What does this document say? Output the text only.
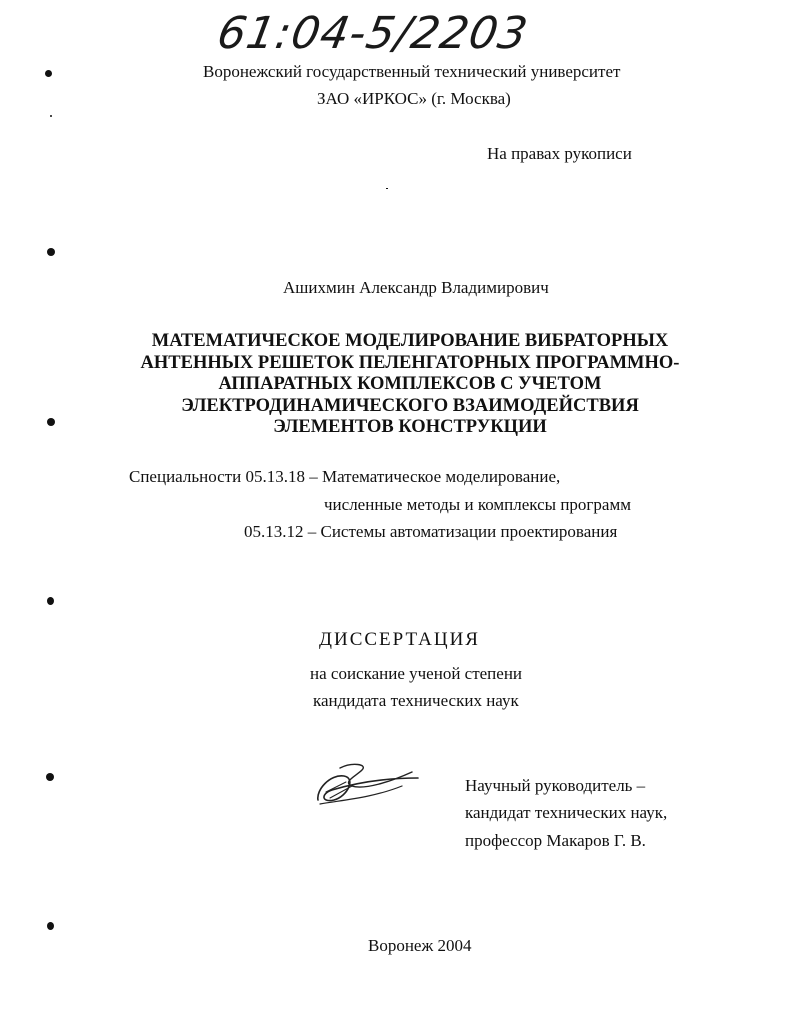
61:04-5/2203
Воронежский государственный технический университет
ЗАО «ИРКОС» (г. Москва)
На правах рукописи
Ашихмин Александр Владимирович
МАТЕМАТИЧЕСКОЕ МОДЕЛИРОВАНИЕ ВИБРАТОРНЫХ
АНТЕННЫХ РЕШЕТОК ПЕЛЕНГАТОРНЫХ ПРОГРАММНО-
АППАРАТНЫХ КОМПЛЕКСОВ С УЧЕТОМ
ЭЛЕКТРОДИНАМИЧЕСКОГО ВЗАИМОДЕЙСТВИЯ
ЭЛЕМЕНТОВ КОНСТРУКЦИИ
Специальности 05.13.18 – Математическое моделирование,
численные методы и комплексы программ
05.13.12 – Системы автоматизации проектирования
ДИССЕРТАЦИЯ
на соискание ученой степени
кандидата технических наук
Научный руководитель –
кандидат технических наук,
профессор Макаров Г. В.
Воронеж 2004
